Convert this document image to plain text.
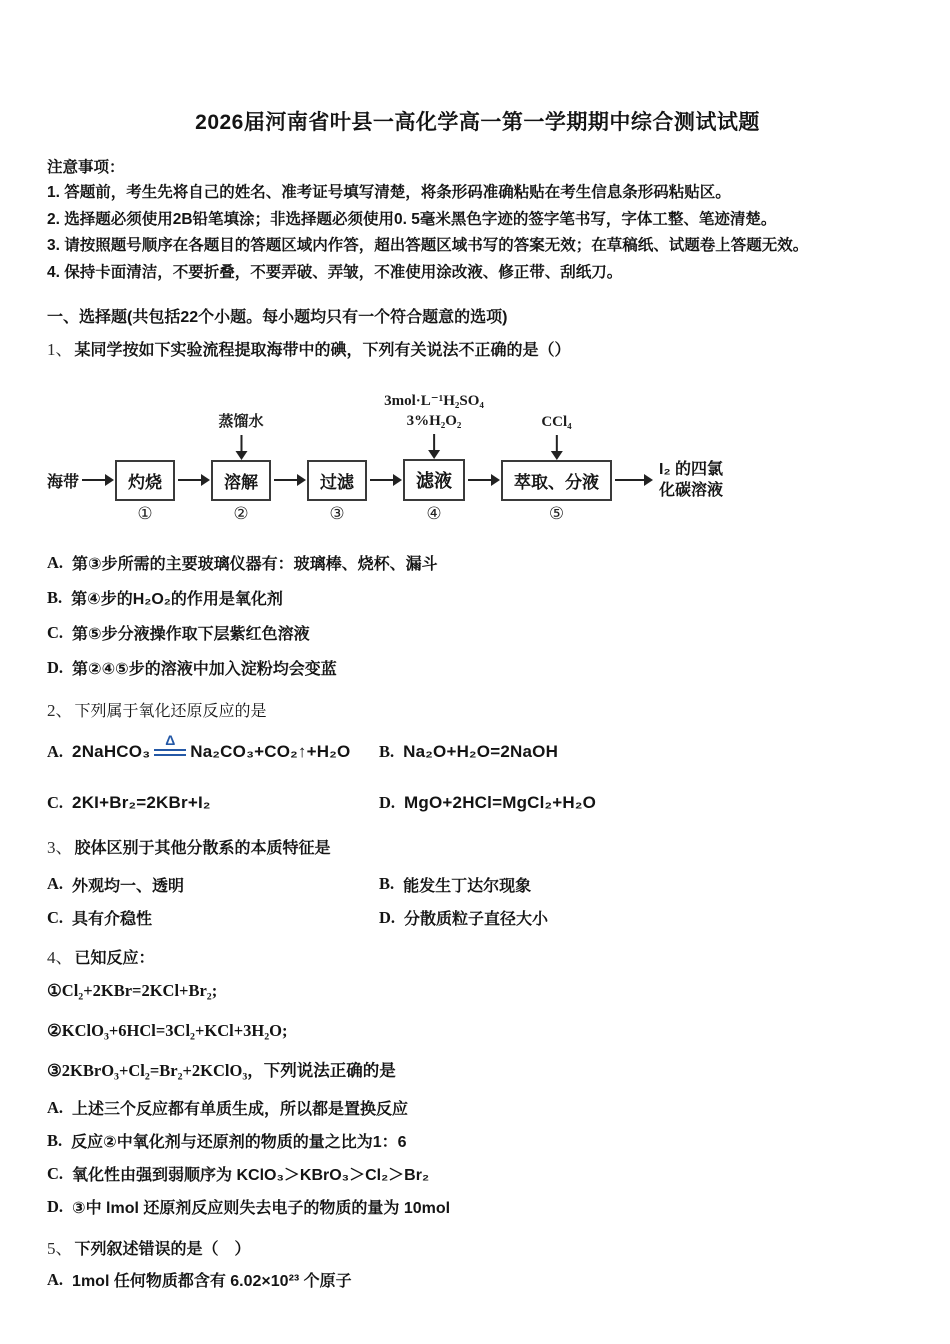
2026届河南省叶县一高化学高一第一学期期中综合测试试题
注意事项：
1. 答题前，考生先将自己的姓名、准考证号填写清楚，将条形码准确粘贴在考生信息条形码粘贴区。
2. 选择题必须使用2B铅笔填涂；非选择题必须使用0. 5毫米黑色字迹的签字笔书写，字体工整、笔迹清楚。
3. 请按照题号顺序在各题目的答题区域内作答，超出答题区域书写的答案无效；在草稿纸、试题卷上答题无效。
4. 保持卡面清洁，不要折叠，不要弄破、弄皱，不准使用涂改液、修正带、刮纸刀。
一、选择题(共包括22个小题。每小题均只有一个符合题意的选项)
1、 某同学按如下实验流程提取海带中的碘，下列有关说法不正确的是（）
海带	灼烧
①
蒸馏水
溶解
②
过滤
③
3mol·L⁻¹H₂SO₄
3%H₂O₂
滤液
④
CCl₄
萃取、分液
⑤
I₂ 的四氯
化碳溶液
A. 第③步所需的主要玻璃仪器有：玻璃棒、烧杯、漏斗
B. 第④步的H₂O₂的作用是氧化剂
C. 第⑤步分液操作取下层紫红色溶液
D. 第②④⑤步的溶液中加入淀粉均会变蓝
2、 下列属于氧化还原反应的是
A. 2NaHCO₃
Δ
Na₂CO₃+CO₂↑+H₂O B. Na₂O+H₂O=2NaOH
C. 2KI+Br₂=2KBr+I₂	D. MgO+2HCl=MgCl₂+H₂O
3、 胶体区别于其他分散系的本质特征是
A. 外观均一、透明	B. 能发生丁达尔现象
C. 具有介稳性	D. 分散质粒子直径大小
4、 已知反应：
①Cl₂+2KBr=2KCl+Br₂;
②KClO₃+6HCl=3Cl₂+KCl+3H₂O;
③2KBrO₃+Cl₂=Br₂+2KClO₃，下列说法正确的是
A. 上述三个反应都有单质生成，所以都是置换反应
B. 反应②中氧化剂与还原剂的物质的量之比为1：6
C. 氧化性由强到弱顺序为 KClO₃＞KBrO₃＞Cl₂＞Br₂
D. ③中 lmol 还原剂反应则失去电子的物质的量为 10mol
5、 下列叙述错误的是（　）
A. 1mol 任何物质都含有 6.02×10²³ 个原子
